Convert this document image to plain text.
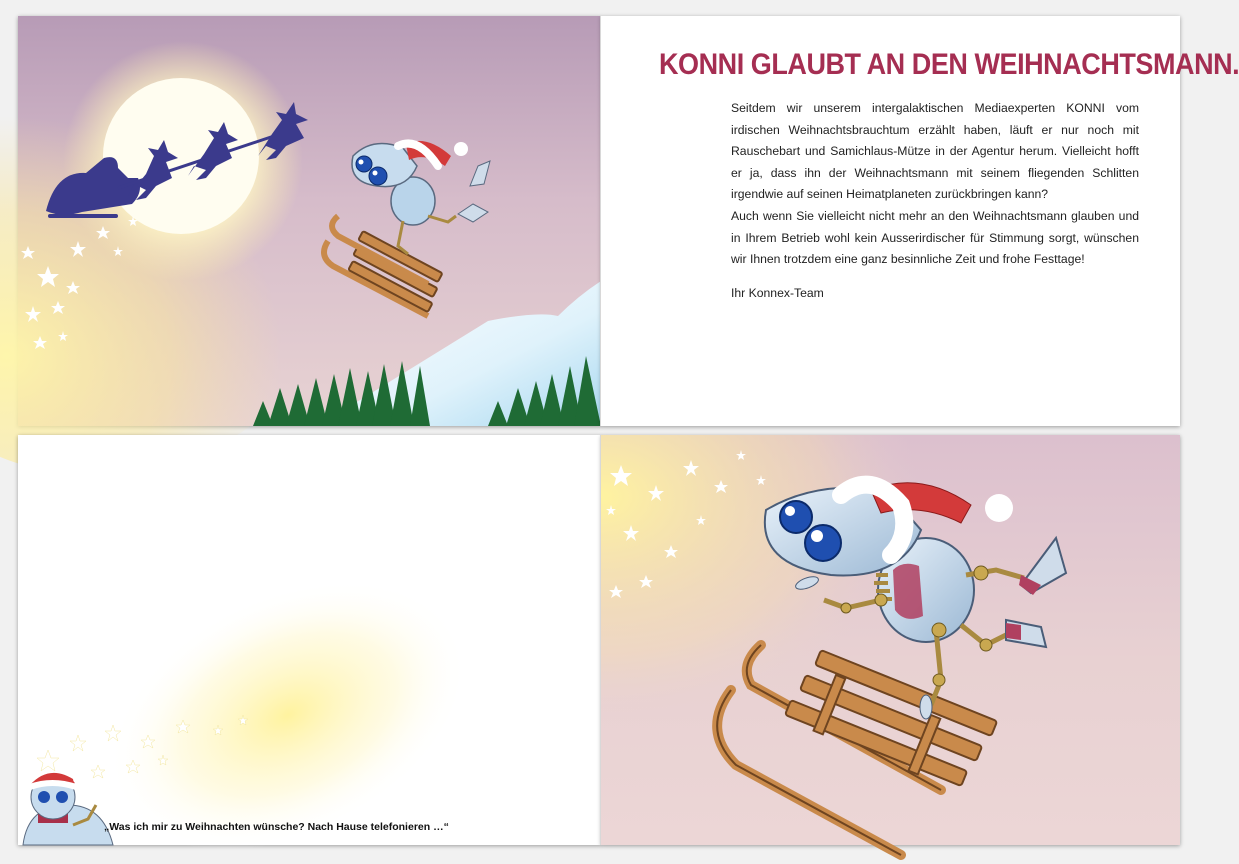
KONNI GLAUBT AN DEN WEIHNACHTSMANN.

Seitdem wir unserem intergalaktischen Mediaexperten KONNI vom irdischen Weihnachtsbrauchtum erzählt haben, läuft er nur noch mit Rauschebart und Samichlaus-Mütze in der Agentur herum. Vielleicht hofft er ja, dass ihn der Weihnachtsmann mit seinem fliegenden Schlitten irgendwie auf seinen Heimatplaneten zurückbringen kann?

Auch wenn Sie vielleicht nicht mehr an den Weihnachtsmann glauben und in Ihrem Betrieb wohl kein Ausserirdischer für Stimmung sorgt, wünschen wir Ihnen trotzdem eine ganz besinnliche Zeit und frohe Festtage!

Ihr Konnex-Team
„Was ich mir zu Weihnachten wünsche? Nach Hause telefonieren …“
